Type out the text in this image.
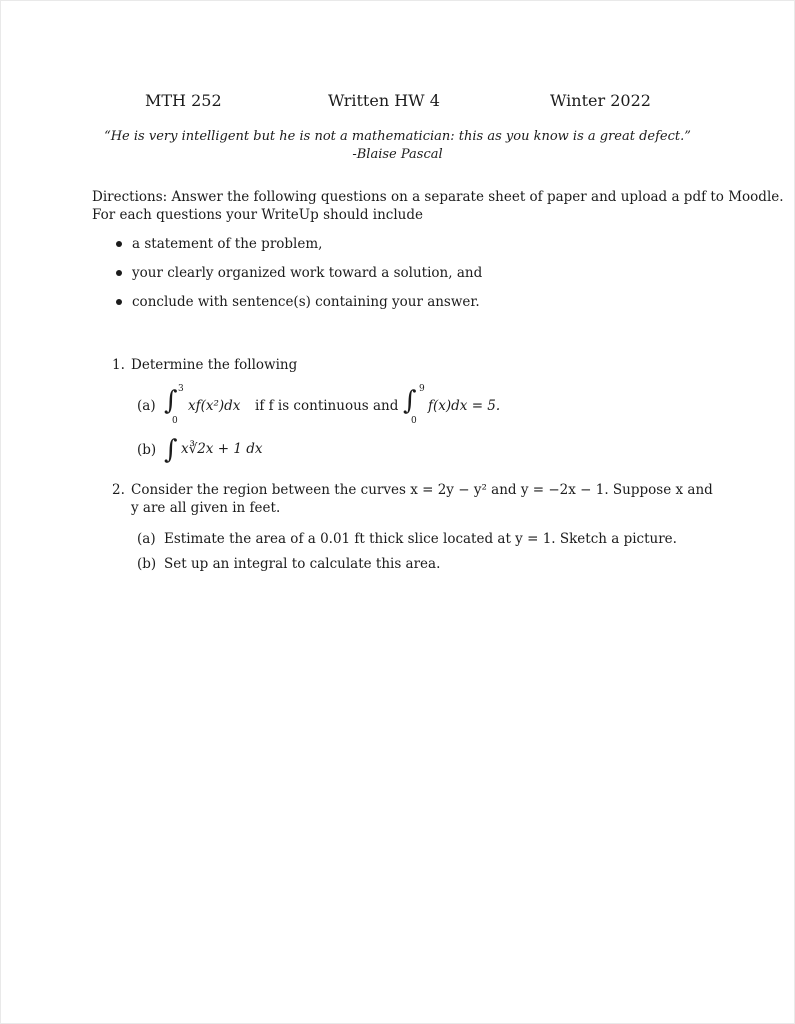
MTH 252	Written HW 4	Winter 2022
“He is very intelligent but he is not a mathematician: this as you know is a great defect.”
-Blaise Pascal
Directions: Answer the following questions on a separate sheet of paper and upload a pdf to Moodle.
For each questions your WriteUp should include
a statement of the problem,
your clearly organized work toward a solution, and
conclude with sentence(s) containing your answer.
1. Determine the following
(a) ∫ 3
0
xf(x²)dx if f is continuous and ∫ 9
0
f(x)dx = 5.
(b) ∫ x∛2x + 1 dx
2. Consider the region between the curves x = 2y − y² and y = −2x − 1. Suppose x and
y are all given in feet.
(a) Estimate the area of a 0.01 ft thick slice located at y = 1. Sketch a picture.
(b) Set up an integral to calculate this area.
